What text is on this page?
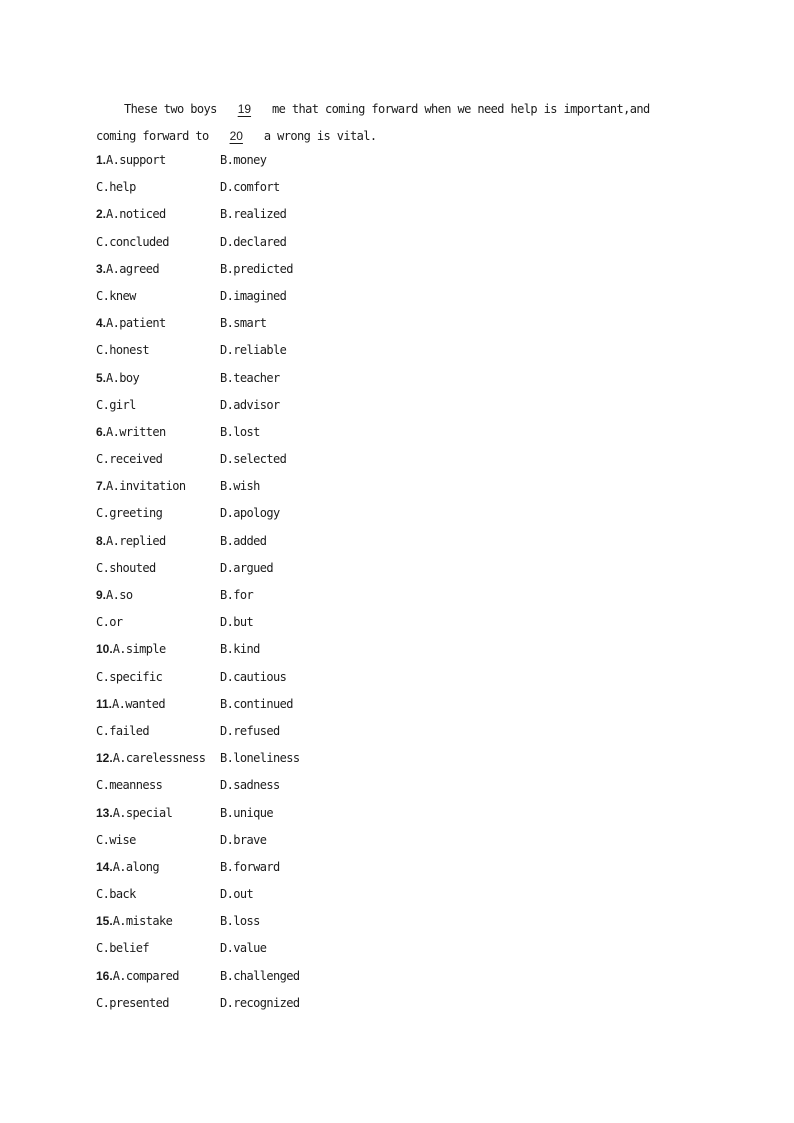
These two boys 19 me that coming forward when we need help is important,and
coming forward to 20 a wrong is vital.
1.A.support	B.money
C.help	D.comfort
2.A.noticed	B.realized
C.concluded	D.declared
3.A.agreed	B.predicted
C.knew	D.imagined
4.A.patient	B.smart
C.honest	D.reliable
5.A.boy	B.teacher
C.girl	D.advisor
6.A.written	B.lost
C.received	D.selected
7.A.invitation	B.wish
C.greeting	D.apology
8.A.replied	B.added
C.shouted	D.argued
9.A.so	B.for
C.or	D.but
10.A.simple	B.kind
C.specific	D.cautious
11.A.wanted	B.continued
C.failed	D.refused
12.A.carelessness B.loneliness
C.meanness	D.sadness
13.A.special	B.unique
C.wise	D.brave
14.A.along	B.forward
C.back	D.out
15.A.mistake	B.loss
C.belief	D.value
16.A.compared	B.challenged
C.presented	D.recognized
